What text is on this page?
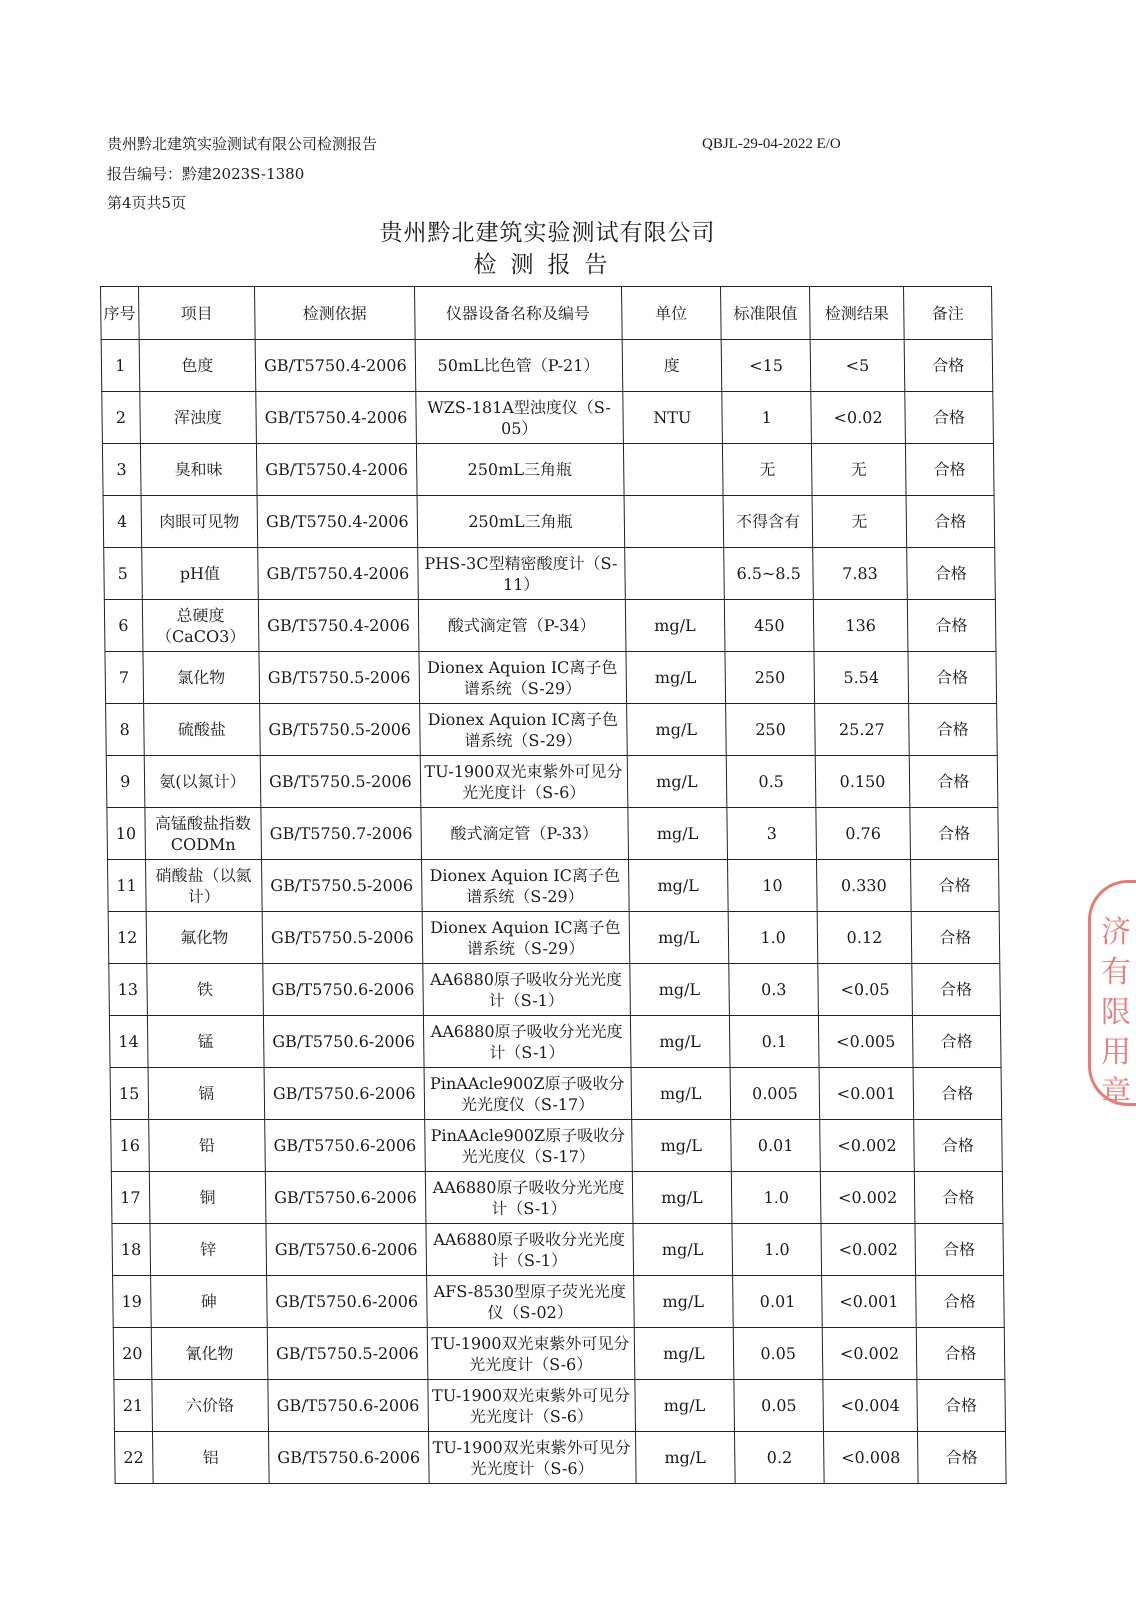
贵州黔北建筑实验测试有限公司检测报告	QBJL-29-04-2022 E/O
报告编号：黔建2023S-1380
第4页共5页
贵州黔北建筑实验测试有限公司
检测报告
序号	项目	检测依据	仪器设备名称及编号	单位	标准限值	检测结果	备注
1	色度	GB/T5750.4-2006	50mL比色管（P-21）	度	<15	<5	合格
2	浑浊度	GB/T5750.4-2006	WZS-181A型浊度仪（S-05）	NTU	1	<0.02	合格
3	臭和味	GB/T5750.4-2006	250mL三角瓶		无	无	合格
4	肉眼可见物	GB/T5750.4-2006	250mL三角瓶		不得含有	无	合格
5	pH值	GB/T5750.4-2006	PHS-3C型精密酸度计（S-11）		6.5~8.5	7.83	合格
6	总硬度（CaCO3）	GB/T5750.4-2006	酸式滴定管（P-34）	mg/L	450	136	合格
7	氯化物	GB/T5750.5-2006	Dionex Aquion IC离子色谱系统（S-29）	mg/L	250	5.54	合格
8	硫酸盐	GB/T5750.5-2006	Dionex Aquion IC离子色谱系统（S-29）	mg/L	250	25.27	合格
9	氨(以氮计）	GB/T5750.5-2006	TU-1900双光束紫外可见分光光度计（S-6）	mg/L	0.5	0.150	合格
10	高锰酸盐指数CODMn	GB/T5750.7-2006	酸式滴定管（P-33）	mg/L	3	0.76	合格
11	硝酸盐（以氮计）	GB/T5750.5-2006	Dionex Aquion IC离子色谱系统（S-29）	mg/L	10	0.330	合格
12	氟化物	GB/T5750.5-2006	Dionex Aquion IC离子色谱系统（S-29）	mg/L	1.0	0.12	合格
13	铁	GB/T5750.6-2006	AA6880原子吸收分光光度计（S-1）	mg/L	0.3	<0.05	合格
14	锰	GB/T5750.6-2006	AA6880原子吸收分光光度计（S-1）	mg/L	0.1	<0.005	合格
15	镉	GB/T5750.6-2006	PinAAcle900Z原子吸收分光光度仪（S-17）	mg/L	0.005	<0.001	合格
16	铅	GB/T5750.6-2006	PinAAcle900Z原子吸收分光光度仪（S-17）	mg/L	0.01	<0.002	合格
17	铜	GB/T5750.6-2006	AA6880原子吸收分光光度计（S-1）	mg/L	1.0	<0.002	合格
18	锌	GB/T5750.6-2006	AA6880原子吸收分光光度计（S-1）	mg/L	1.0	<0.002	合格
19	砷	GB/T5750.6-2006	AFS-8530型原子荧光光度仪（S-02）	mg/L	0.01	<0.001	合格
20	氰化物	GB/T5750.5-2006	TU-1900双光束紫外可见分光光度计（S-6）	mg/L	0.05	<0.002	合格
21	六价铬	GB/T5750.6-2006	TU-1900双光束紫外可见分光光度计（S-6）	mg/L	0.05	<0.004	合格
22	铝	GB/T5750.6-2006	TU-1900双光束紫外可见分光光度计（S-6）	mg/L	0.2	<0.008	合格
济有限 用章
